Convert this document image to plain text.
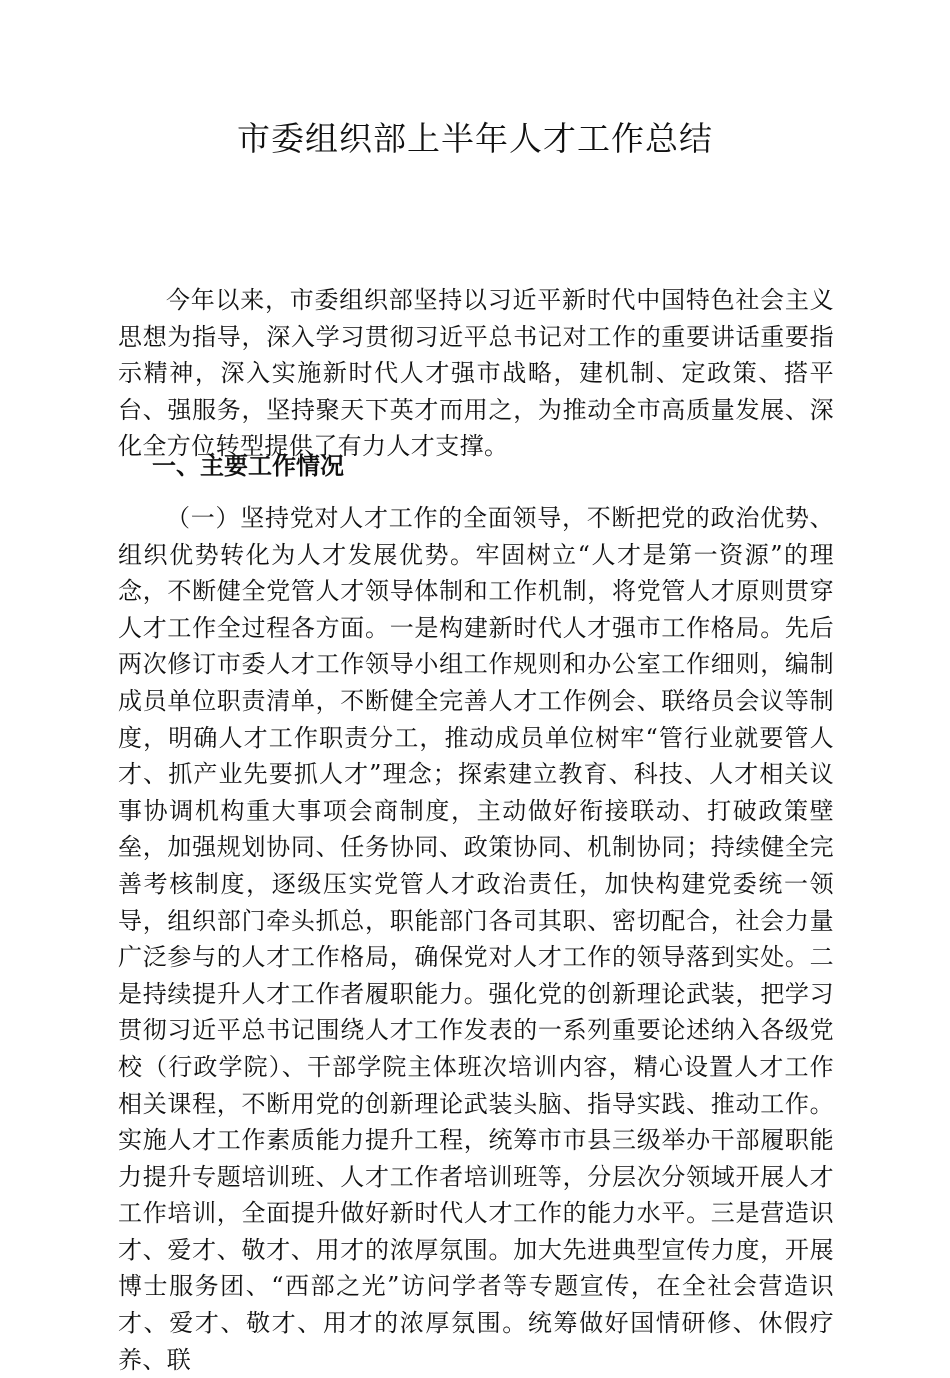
市委组织部上半年人才工作总结

今年以来，市委组织部坚持以习近平新时代中国特色社会主义思想为指导，深入学习贯彻习近平总书记对工作的重要讲话重要指示精神，深入实施新时代人才强市战略，建机制、定政策、搭平台、强服务，坚持聚天下英才而用之，为推动全市高质量发展、深化全方位转型提供了有力人才支撑。

一、主要工作情况

（一）坚持党对人才工作的全面领导，不断把党的政治优势、组织优势转化为人才发展优势。牢固树立“人才是第一资源”的理念，不断健全党管人才领导体制和工作机制，将党管人才原则贯穿人才工作全过程各方面。一是构建新时代人才强市工作格局。先后两次修订市委人才工作领导小组工作规则和办公室工作细则，编制成员单位职责清单，不断健全完善人才工作例会、联络员会议等制度，明确人才工作职责分工，推动成员单位树牢“管行业就要管人才、抓产业先要抓人才”理念；探索建立教育、科技、人才相关议事协调机构重大事项会商制度，主动做好衔接联动、打破政策壁垒，加强规划协同、任务协同、政策协同、机制协同；持续健全完善考核制度，逐级压实党管人才政治责任，加快构建党委统一领导，组织部门牵头抓总，职能部门各司其职、密切配合，社会力量广泛参与的人才工作格局，确保党对人才工作的领导落到实处。二是持续提升人才工作者履职能力。强化党的创新理论武装，把学习贯彻习近平总书记围绕人才工作发表的一系列重要论述纳入各级党校（行政学院）、干部学院主体班次培训内容，精心设置人才工作相关课程，不断用党的创新理论武装头脑、指导实践、推动工作。实施人才工作素质能力提升工程，统筹市市县三级举办干部履职能力提升专题培训班、人才工作者培训班等，分层次分领域开展人才工作培训，全面提升做好新时代人才工作的能力水平。三是营造识才、爱才、敬才、用才的浓厚氛围。加大先进典型宣传力度，开展博士服务团、“西部之光”访问学者等专题宣传，在全社会营造识才、爱才、敬才、用才的浓厚氛围。统筹做好国情研修、休假疗养、联
